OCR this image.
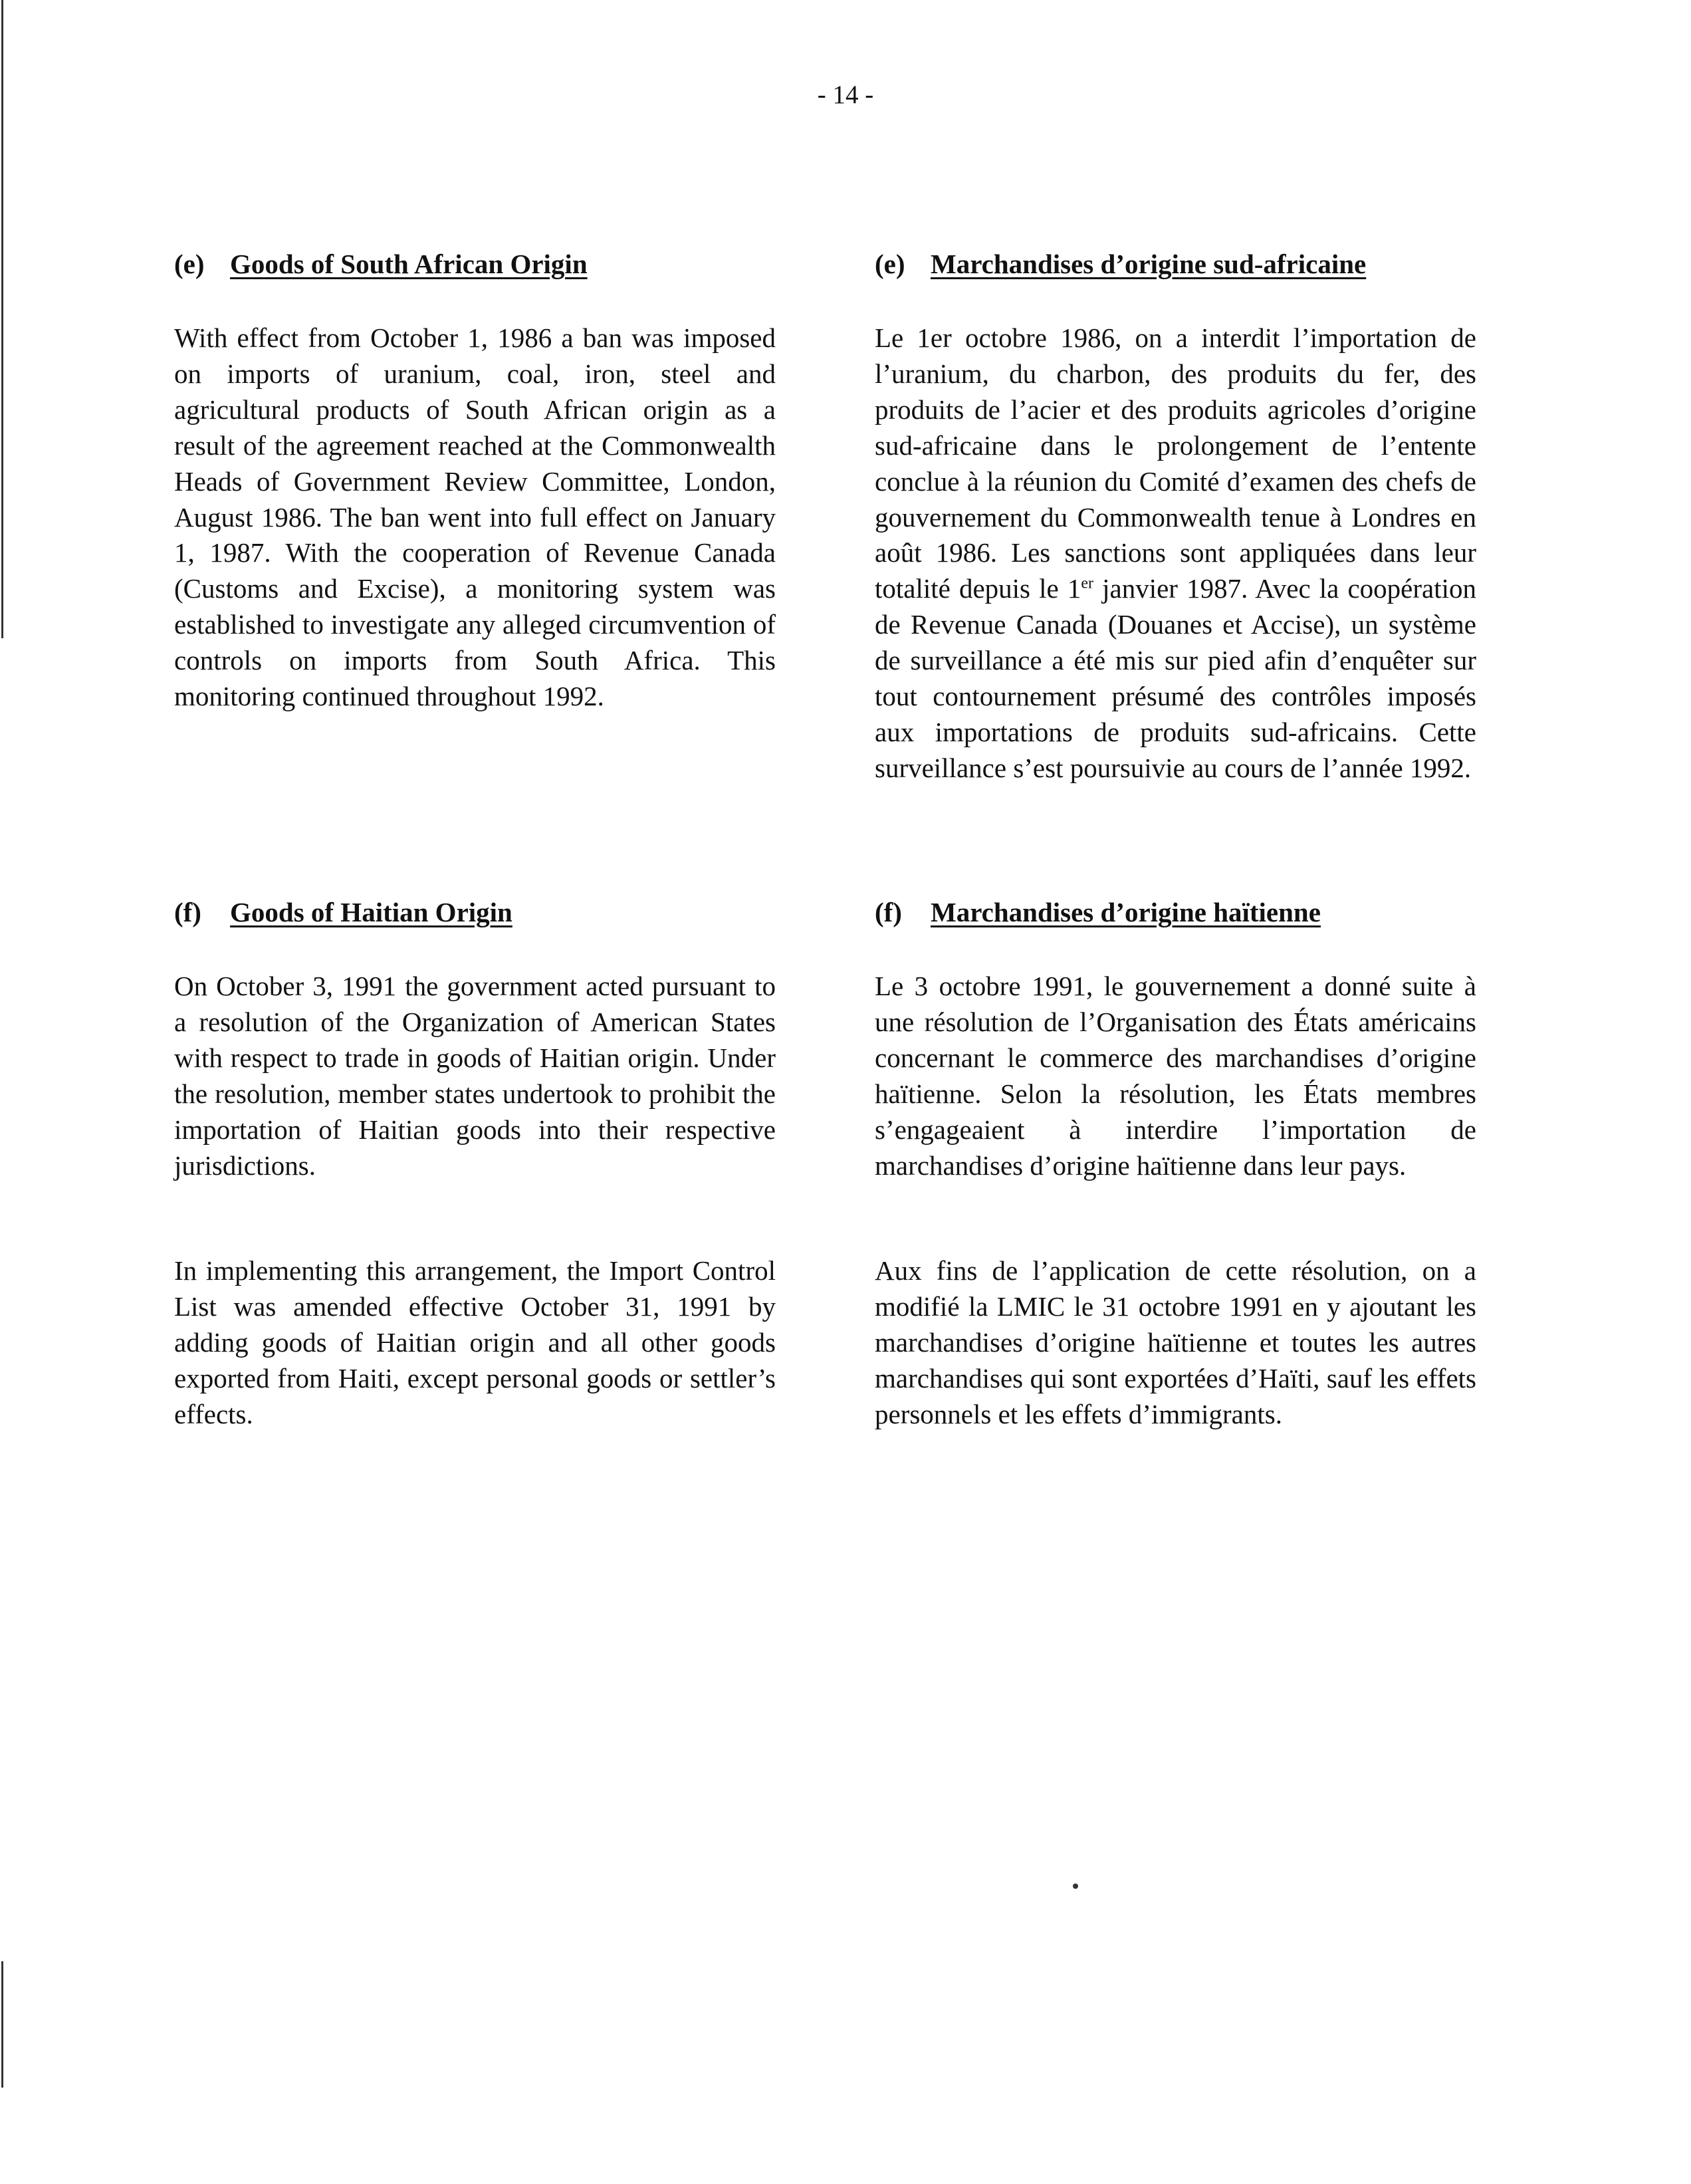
- 14 -

(e) Goods of South African Origin

With effect from October 1, 1986 a ban was imposed on imports of uranium, coal, iron, steel and agricultural products of South African origin as a result of the agreement reached at the Commonwealth Heads of Government Review Committee, London, August 1986. The ban went into full effect on January 1, 1987. With the cooperation of Revenue Canada (Customs and Excise), a monitoring system was established to investigate any alleged circumvention of controls on imports from South Africa. This monitoring continued throughout 1992.

(f) Goods of Haitian Origin

On October 3, 1991 the government acted pursuant to a resolution of the Organization of American States with respect to trade in goods of Haitian origin. Under the resolution, member states undertook to prohibit the importation of Haitian goods into their respective jurisdictions.

In implementing this arrangement, the Import Control List was amended effective October 31, 1991 by adding goods of Haitian origin and all other goods exported from Haiti, except personal goods or settler’s effects.

(e) Marchandises d’origine sud-africaine

Le 1er octobre 1986, on a interdit l’importation de l’uranium, du charbon, des produits du fer, des produits de l’acier et des produits agricoles d’origine sud-africaine dans le prolongement de l’entente conclue à la réunion du Comité d’examen des chefs de gouvernement du Commonwealth tenue à Londres en août 1986. Les sanctions sont appliquées dans leur totalité depuis le 1er janvier 1987. Avec la coopération de Revenue Canada (Douanes et Accise), un système de surveillance a été mis sur pied afin d’enquêter sur tout contournement présumé des contrôles imposés aux importations de produits sud-africains. Cette surveillance s’est poursuivie au cours de l’année 1992.

(f) Marchandises d’origine haïtienne

Le 3 octobre 1991, le gouvernement a donné suite à une résolution de l’Organisation des États américains concernant le commerce des marchandises d’origine haïtienne. Selon la résolution, les États membres s’engageaient à interdire l’importation de marchandises d’origine haïtienne dans leur pays.

Aux fins de l’application de cette résolution, on a modifié la LMIC le 31 octobre 1991 en y ajoutant les marchandises d’origine haïtienne et toutes les autres marchandises qui sont exportées d’Haïti, sauf les effets personnels et les effets d’immigrants.
